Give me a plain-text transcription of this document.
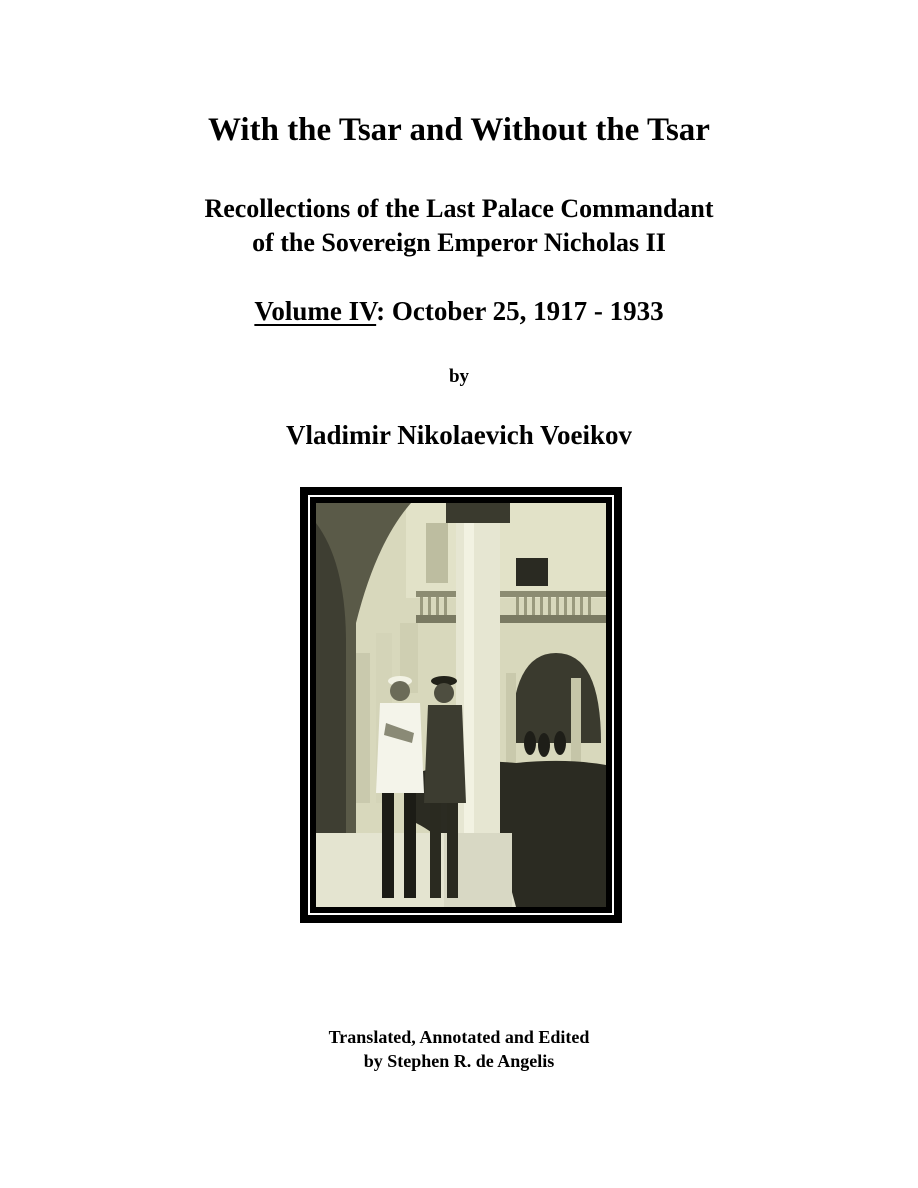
With the Tsar and Without the Tsar
Recollections of the Last Palace Commandant
of the Sovereign Emperor Nicholas II
Volume IV: October 25, 1917 - 1933
by
Vladimir Nikolaevich Voeikov
Translated, Annotated and Edited
by Stephen R. de Angelis
